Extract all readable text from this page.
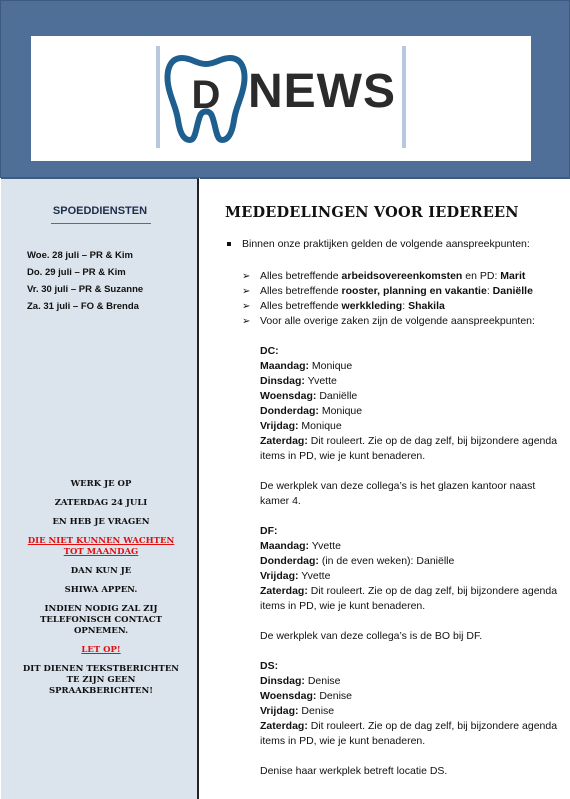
D NEWS
SPOEDDIENSTEN
Woe. 28 juli – PR & Kim
Do. 29 juli – PR & Kim
Vr. 30 juli – PR & Suzanne
Za. 31 juli – FO & Brenda

WERK JE OP

ZATERDAG 24 JULI

EN HEB JE VRAGEN

DIE NIET KUNNEN WACHTEN TOT MAANDAG

DAN KUN JE

SHIWA APPEN.

INDIEN NODIG ZAL ZIJ TELEFONISCH CONTACT OPNEMEN.

LET OP!

DIT DIENEN TEKSTBERICHTEN TE ZIJN GEEN SPRAAKBERICHTEN!

MEDEDELINGEN VOOR IEDEREEN
Binnen onze praktijken gelden de volgende aanspreekpunten:
➢ Alles betreffende arbeidsovereenkomsten en PD: Marit
➢ Alles betreffende rooster, planning en vakantie: Daniëlle
➢ Alles betreffende werkkleding: Shakila
➢ Voor alle overige zaken zijn de volgende aanspreekpunten:
DC:
Maandag: Monique
Dinsdag: Yvette
Woensdag: Daniëlle
Donderdag: Monique
Vrijdag: Monique
Zaterdag: Dit rouleert. Zie op de dag zelf, bij bijzondere agenda items in PD, wie je kunt benaderen.
De werkplek van deze collega’s is het glazen kantoor naast kamer 4.
DF:
Maandag: Yvette
Donderdag: (in de even weken): Daniëlle
Vrijdag: Yvette
Zaterdag: Dit rouleert. Zie op de dag zelf, bij bijzondere agenda items in PD, wie je kunt benaderen.
De werkplek van deze collega’s is de BO bij DF.
DS:
Dinsdag: Denise
Woensdag: Denise
Vrijdag: Denise
Zaterdag: Dit rouleert. Zie op de dag zelf, bij bijzondere agenda items in PD, wie je kunt benaderen.
Denise haar werkplek betreft locatie DS.
